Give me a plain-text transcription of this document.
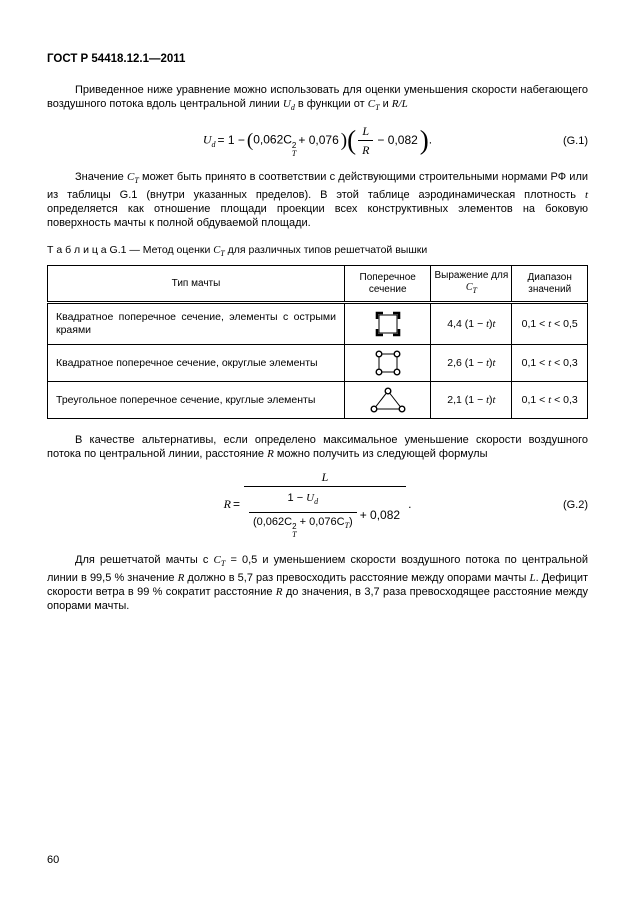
ГОСТ Р 54418.12.1—2011

Приведенное ниже уравнение можно использовать для оценки уменьшения скорости набегающего воздушного потока вдоль центральной линии $U_d$ в функции от $C_T$ и R/L

$U_d = 1 - (0,062C$ 2
T
+ 0,076 )( $\frac{L}{R} - 0,082$).	(G.1)

Значение $C_T$ может быть принято в соответствии с действующими строительными нормами РФ или из таблицы G.1 (внутри указанных пределов). В этой таблице аэродинамическая плотность t определяется как отношение площади проекции всех конструктивных элементов на боковую поверхность мачты к полной обдуваемой площади.

Т а б л и ц а G.1 — Метод оценки $C_T$ для различных типов решетчатой вышки
Тип мачты	Поперечное сечение	Выражение для
$C_T$	Диапазон значений
Квадратное поперечное сечение, элементы с острыми краями		4,4 (1 − t)t	0,1 < t < 0,5
Квадратное поперечное сечение, округлые элементы		2,6 (1 − t)t	0,1 < t < 0,3
Треугольное поперечное сечение, круглые элементы		2,1 (1 − t)t	0,1 < t < 0,3

В качестве альтернативы, если определено максимальное уменьшение скорости воздушного потока по центральной линии, расстояние R можно получить из следующей формулы

R = L
$1 - U_d$
(0,062C 2
T
+ $0,076C_T) + 0,082$ .	(G.2)

Для решетчатой мачты с $C_T = 0,5$ и уменьшением скорости воздушного потока по центральной линии в 99,5 % значение R должно в 5,7 раз превосходить расстояние между опорами мачты L. Дефицит скорости ветра в 99 % сократит расстояние R до значения, в 3,7 раза превосходящее расстояние между опорами мачты.

60
